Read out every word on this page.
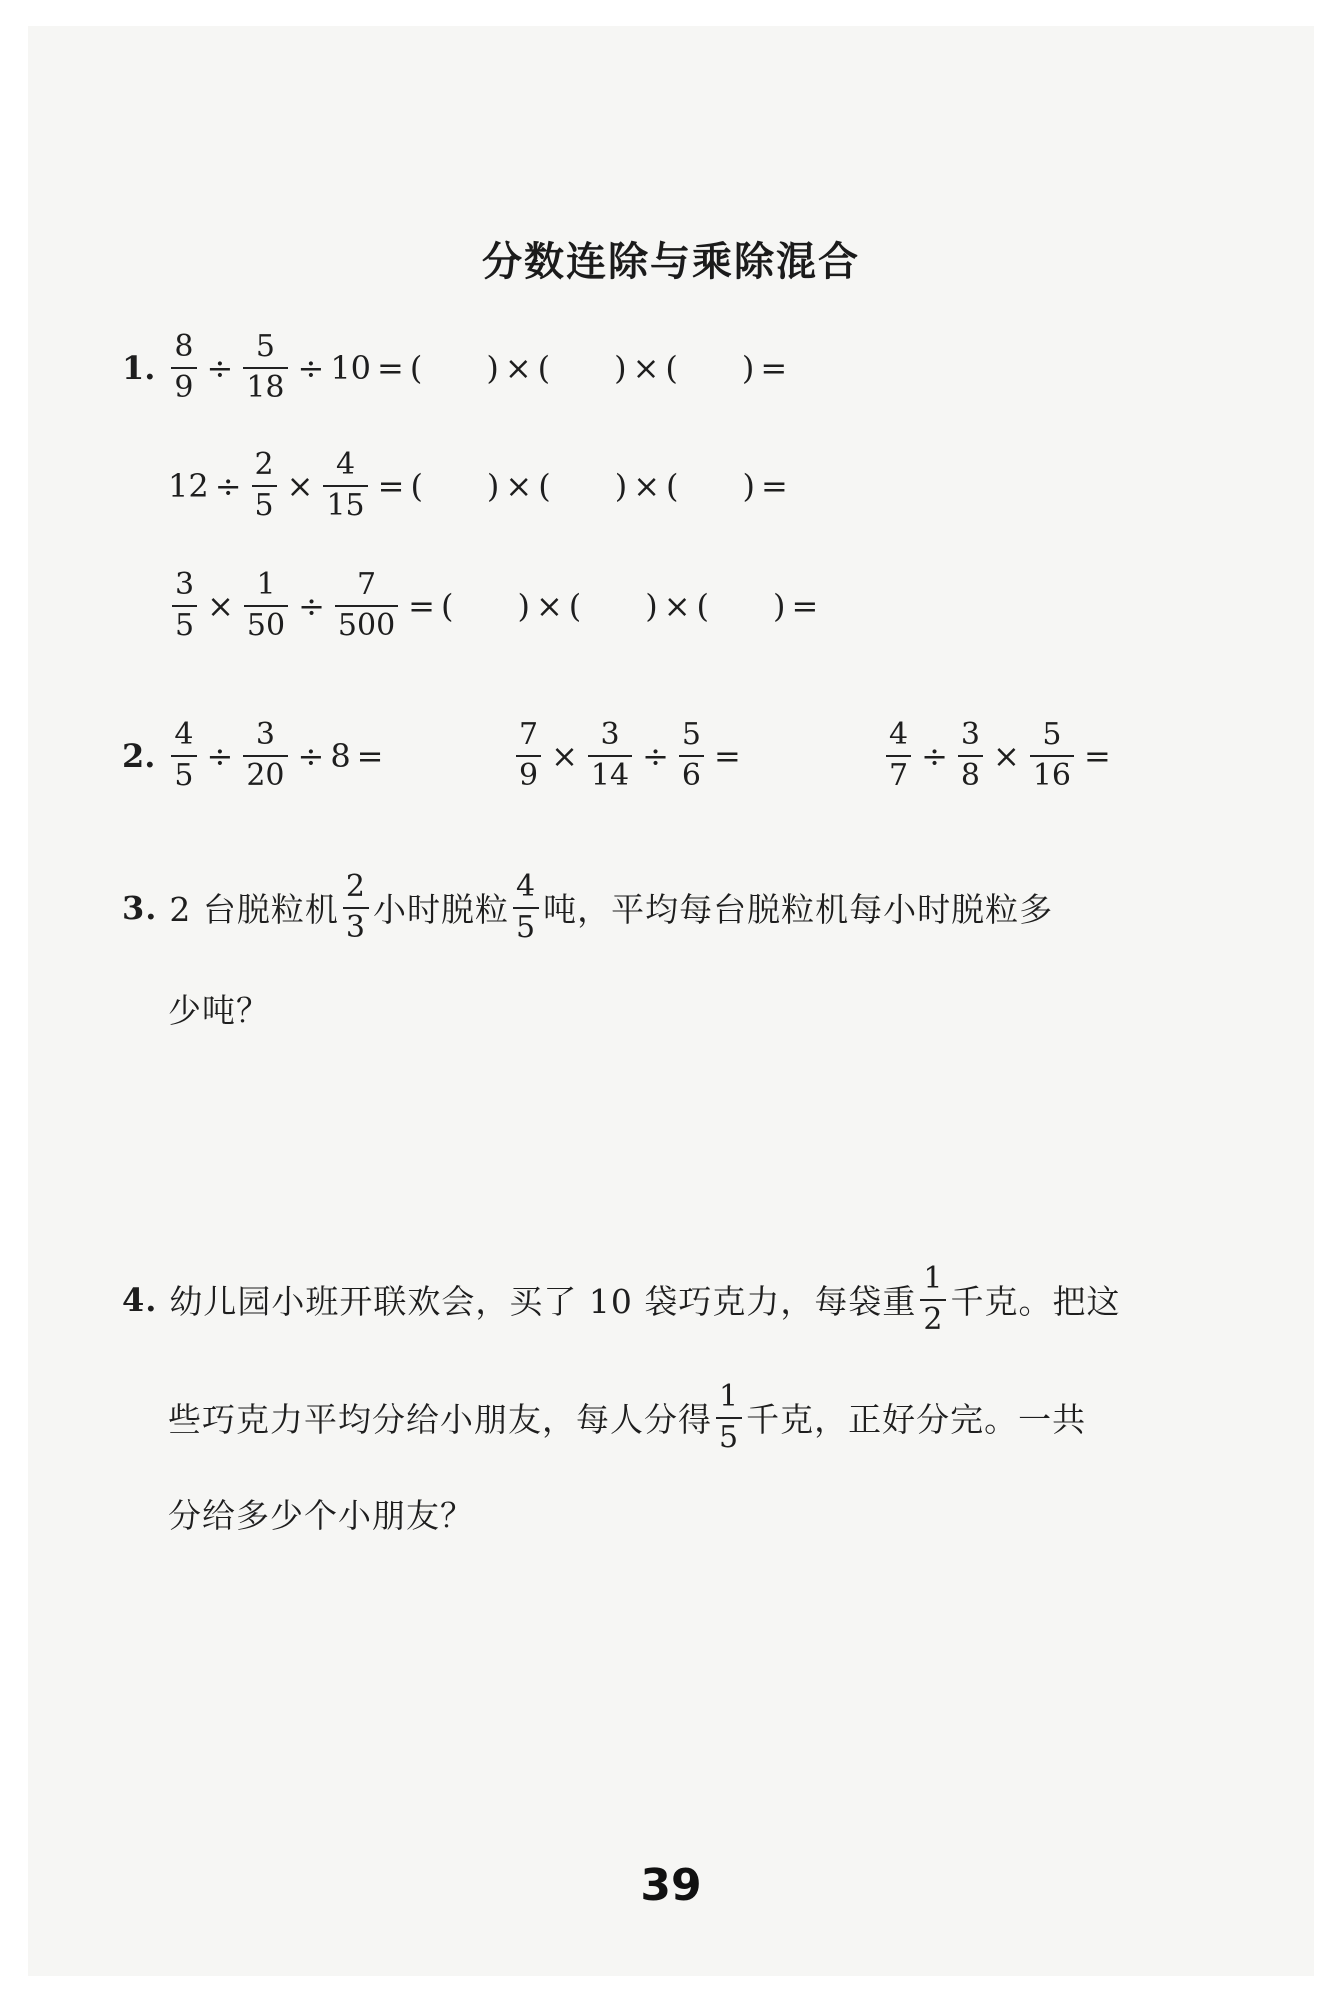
分数连除与乘除混合
1. $\frac{8}{9} \div \frac{5}{18} \div 10$ = ( ) × ( ) × ( ) =
$12 \div \frac{2}{5} \times \frac{4}{15}$ = ( ) × ( ) × ( ) =
$\frac{3}{5} \times \frac{1}{50} \div \frac{7}{500}$ = ( ) × ( ) × ( ) =
2. $\frac{4}{5} \div \frac{3}{20} \div 8$ =	$\frac{7}{9} \times \frac{3}{14} \div \frac{5}{6}$ =	$\frac{4}{7} \div \frac{3}{8} \times \frac{5}{16}$ =
3. 2 台脱粒机 $\frac{2}{3}$ 小时脱粒 $\frac{4}{5}$ 吨，平均每台脱粒机每小时脱粒多
少吨？
4. 幼儿园小班开联欢会，买了 10 袋巧克力，每袋重 $\frac{1}{2}$ 千克。把这
些巧克力平均分给小朋友，每人分得 $\frac{1}{5}$ 千克，正好分完。一共
分给多少个小朋友？
39
